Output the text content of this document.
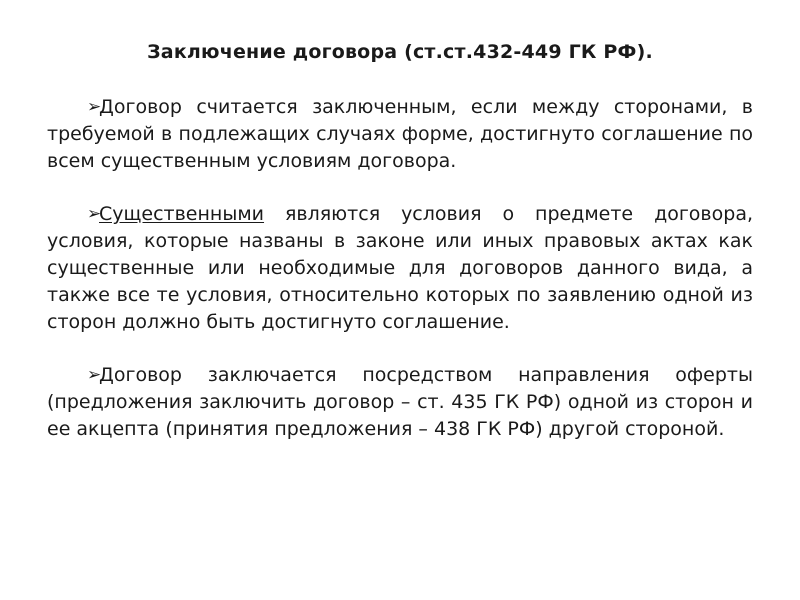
Заключение договора (ст.ст.432-449 ГК РФ).

➢
Договор считается заключенным, если между сторонами, в требуемой в подлежащих случаях форме, достигнуто соглашение по всем существенным условиям договора.

➢
Существенными являются условия о предмете договора, условия, которые названы в законе или иных правовых актах как существенные или необходимые для договоров данного вида, а также все те условия, относительно которых по заявлению одной из сторон должно быть достигнуто соглашение.

➢
Договор заключается посредством направления оферты (предложения заключить договор – ст. 435 ГК РФ) одной из сторон и ее акцепта (принятия предложения – 438 ГК РФ) другой стороной.
